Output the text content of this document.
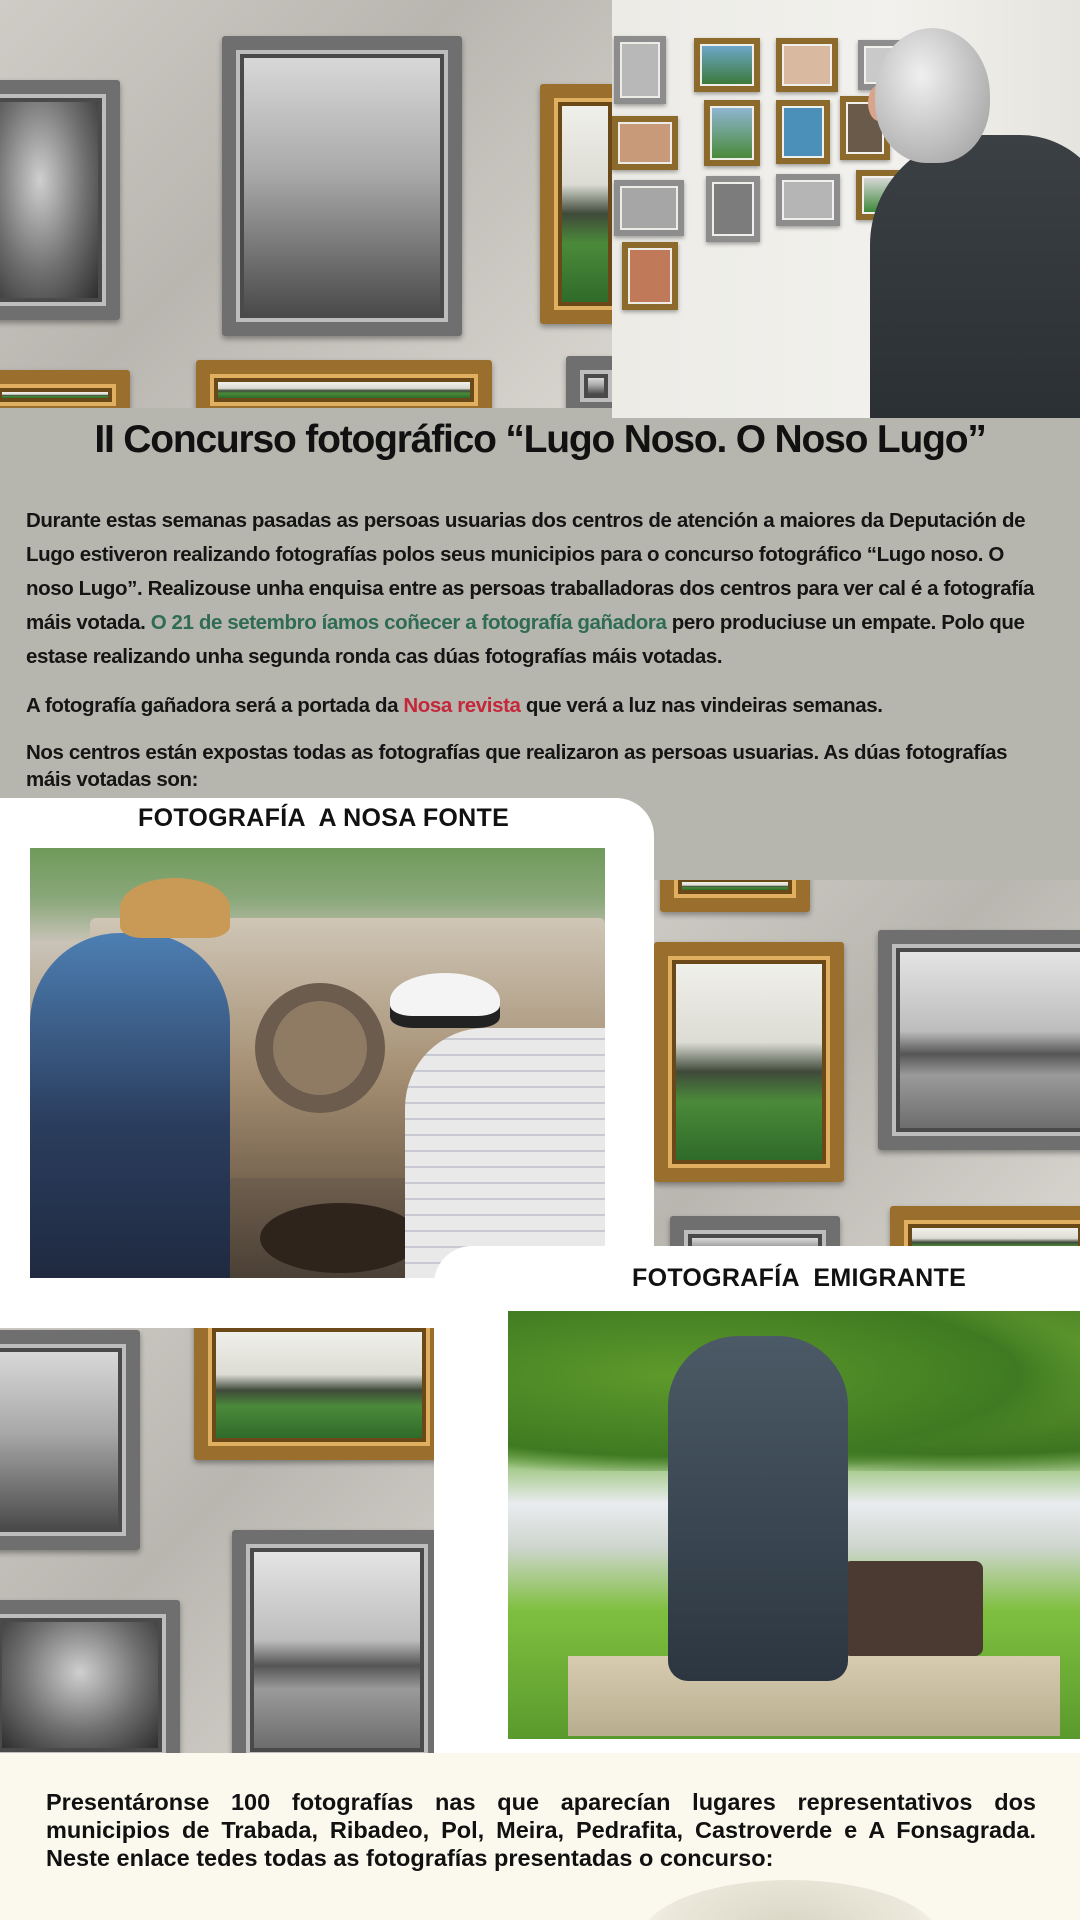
II Concurso fotográfico “Lugo Noso. O Noso Lugo”

Durante estas semanas pasadas as persoas usuarias dos centros de atención a maiores da Deputación de Lugo estiveron realizando fotografías polos seus municipios para o concurso fotográfico “Lugo noso. O noso Lugo”. Realizouse unha enquisa entre as persoas traballadoras dos centros para ver cal é a fotografía máis votada. O 21 de setembro íamos coñecer a fotografía gañadora pero produciuse un empate. Polo que estase realizando unha segunda ronda cas dúas fotografías máis votadas.

A fotografía gañadora será a portada da Nosa revista que verá a luz nas vindeiras semanas.

Nos centros están expostas todas as fotografías que realizaron as persoas usuarias. As dúas fotografías máis votadas son:

FOTOGRAFÍA  A NOSA FONTE
FOTOGRAFÍA  EMIGRANTE

Presentáronse 100 fotografías nas que aparecían lugares representativos dos municipios de Trabada, Ribadeo, Pol, Meira, Pedrafita, Castroverde e A Fonsagrada. Neste enlace tedes todas as fotografías presentadas o concurso:
